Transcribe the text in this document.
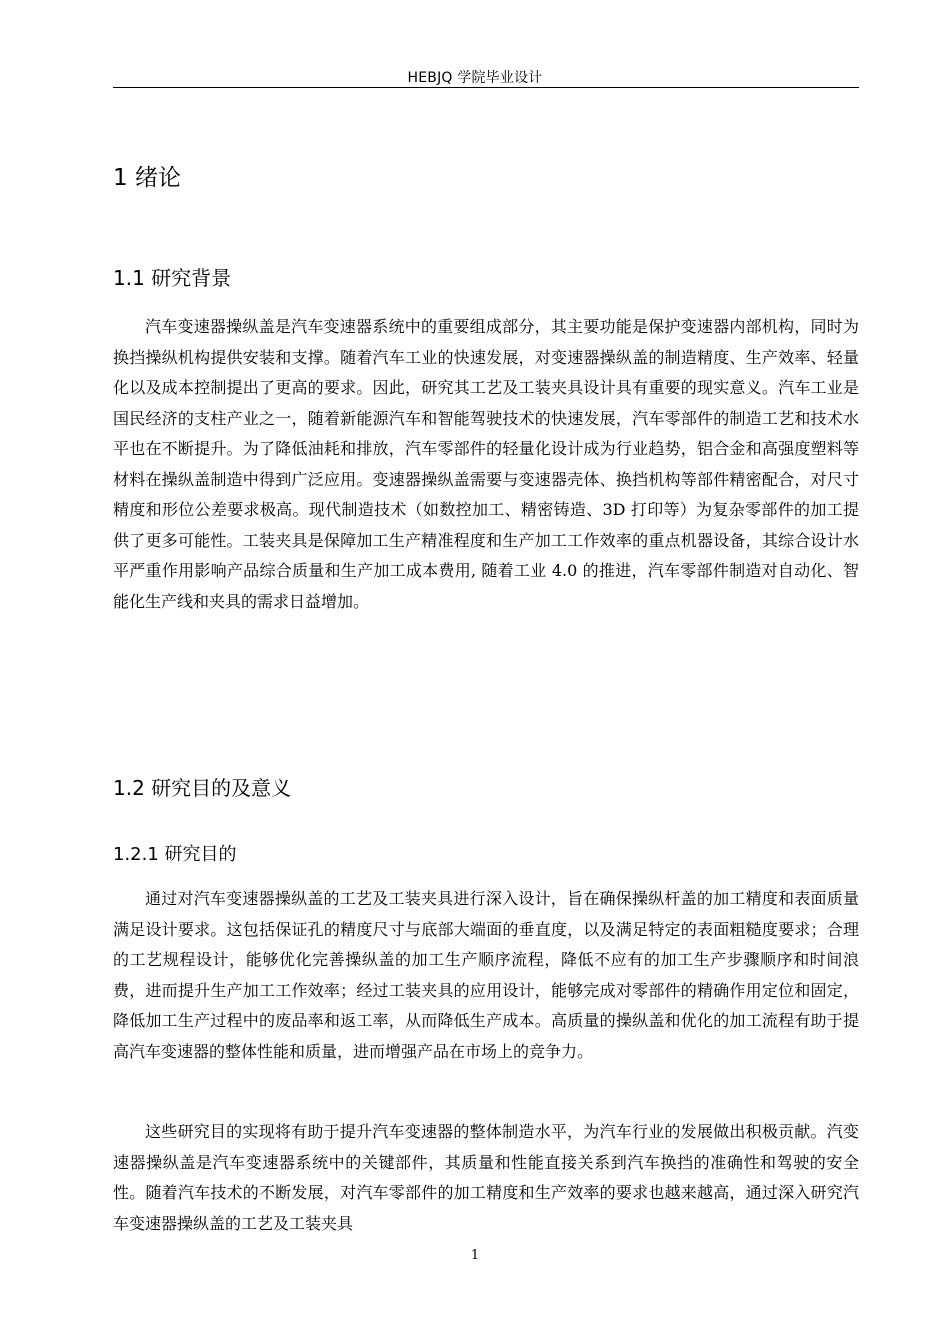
HEBJQ 学院毕业设计
1 绪论
1.1 研究背景

汽车变速器操纵盖是汽车变速器系统中的重要组成部分，其主要功能是保护变速器内部机构，同时为换挡操纵机构提供安装和支撑。随着汽车工业的快速发展，对变速器操纵盖的制造精度、生产效率、轻量化以及成本控制提出了更高的要求。因此，研究其工艺及工装夹具设计具有重要的现实意义。汽车工业是国民经济的支柱产业之一，随着新能源汽车和智能驾驶技术的快速发展，汽车零部件的制造工艺和技术水平也在不断提升。为了降低油耗和排放，汽车零部件的轻量化设计成为行业趋势，铝合金和高强度塑料等材料在操纵盖制造中得到广泛应用。变速器操纵盖需要与变速器壳体、换挡机构等部件精密配合，对尺寸精度和形位公差要求极高。现代制造技术（如数控加工、精密铸造、3D 打印等）为复杂零部件的加工提供了更多可能性。工装夹具是保障加工生产精准程度和生产加工工作效率的重点机器设备，其综合设计水平严重作用影响产品综合质量和生产加工成本费用, 随着工业 4.0 的推进，汽车零部件制造对自动化、智能化生产线和夹具的需求日益增加。

1.2 研究目的及意义
1.2.1 研究目的

通过对汽车变速器操纵盖的工艺及工装夹具进行深入设计，旨在确保操纵杆盖的加工精度和表面质量满足设计要求。这包括保证孔的精度尺寸与底部大端面的垂直度，以及满足特定的表面粗糙度要求；合理的工艺规程设计，能够优化完善操纵盖的加工生产顺序流程，降低不应有的加工生产步骤顺序和时间浪费，进而提升生产加工工作效率；经过工装夹具的应用设计，能够完成对零部件的精确作用定位和固定，降低加工生产过程中的废品率和返工率，从而降低生产成本。高质量的操纵盖和优化的加工流程有助于提高汽车变速器的整体性能和质量，进而增强产品在市场上的竞争力。

这些研究目的实现将有助于提升汽车变速器的整体制造水平，为汽车行业的发展做出积极贡献。汽变速器操纵盖是汽车变速器系统中的关键部件，其质量和性能直接关系到汽车换挡的准确性和驾驶的安全性。随着汽车技术的不断发展，对汽车零部件的加工精度和生产效率的要求也越来越高，通过深入研究汽车变速器操纵盖的工艺及工装夹具

1
